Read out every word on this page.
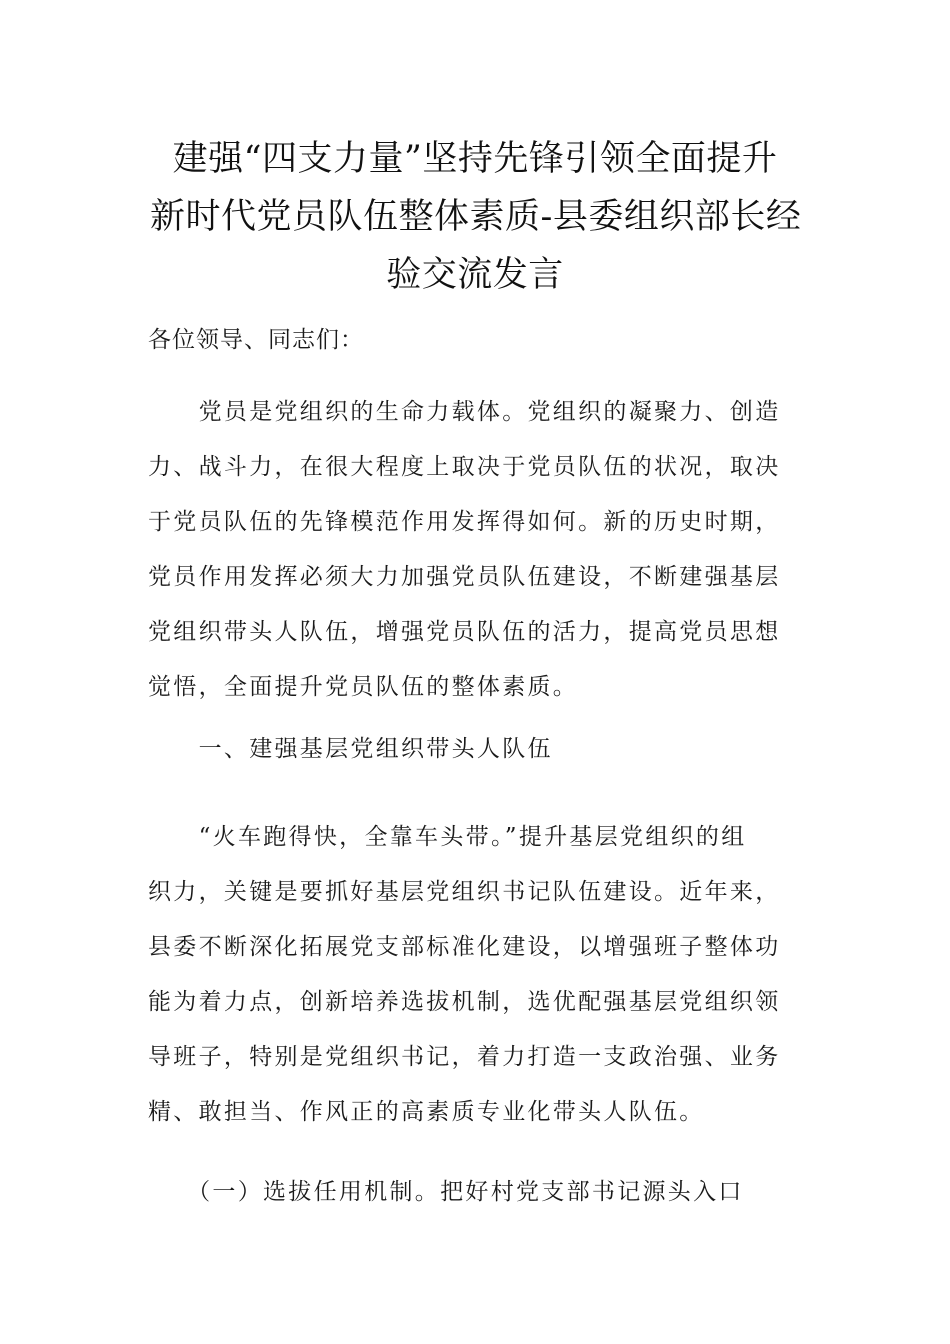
建强“四支力量”坚持先锋引领全面提升
新时代党员队伍整体素质-县委组织部长经
验交流发言
各位领导、同志们：
　　党员是党组织的生命力载体。党组织的凝聚力、创造
力、战斗力，在很大程度上取决于党员队伍的状况，取决
于党员队伍的先锋模范作用发挥得如何。新的历史时期，
党员作用发挥必须大力加强党员队伍建设，不断建强基层
党组织带头人队伍，增强党员队伍的活力，提高党员思想
觉悟，全面提升党员队伍的整体素质。
　　一、建强基层党组织带头人队伍
　　“火车跑得快，全靠车头带。”提升基层党组织的组
织力，关键是要抓好基层党组织书记队伍建设。近年来，
县委不断深化拓展党支部标准化建设，以增强班子整体功
能为着力点，创新培养选拔机制，选优配强基层党组织领
导班子，特别是党组织书记，着力打造一支政治强、业务
精、敢担当、作风正的高素质专业化带头人队伍。
　　（一）选拔任用机制。把好村党支部书记源头入口
